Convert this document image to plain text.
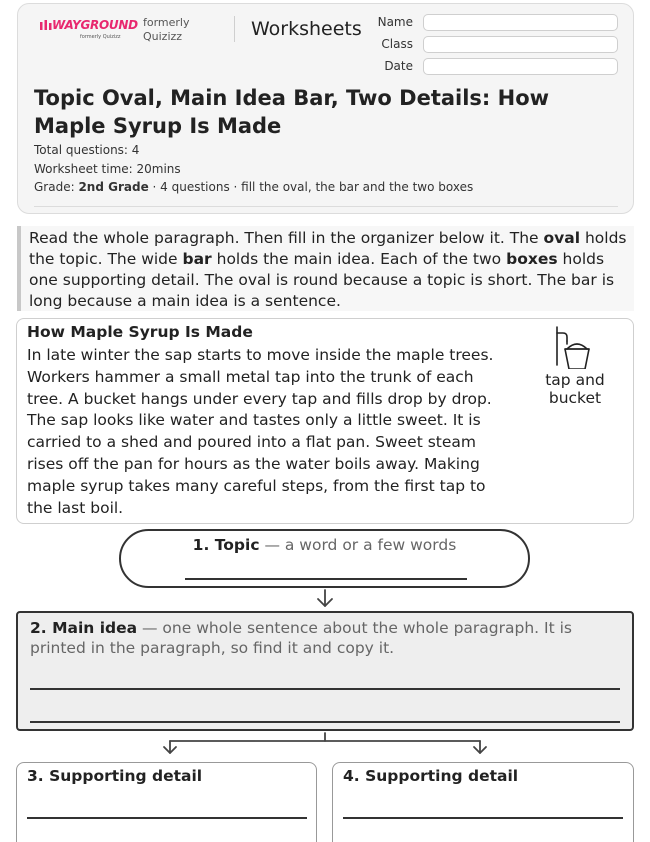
WAYGROUND
formerly Quizizz
formerly
Quizizz	Worksheets	Name
Class
Date
Topic Oval, Main Idea Bar, Two Details: How Maple Syrup Is Made
Total questions: 4
Worksheet time: 20mins
Grade: 2nd Grade · 4 questions · fill the oval, the bar and the two boxes
Read the whole paragraph. Then fill in the organizer below it. The oval holds the topic. The wide bar holds the main idea. Each of the two boxes holds one supporting detail. The oval is round because a topic is short. The bar is long because a main idea is a sentence.
How Maple Syrup Is Made
In late winter the sap starts to move inside the maple trees. Workers hammer a small metal tap into the trunk of each tree. A bucket hangs under every tap and fills drop by drop. The sap looks like water and tastes only a little sweet. It is carried to a shed and poured into a flat pan. Sweet steam rises off the pan for hours as the water boils away. Making maple syrup takes many careful steps, from the first tap to the last boil.
tap and bucket
1. Topic — a word or a few words
2. Main idea — one whole sentence about the whole paragraph. It is printed in the paragraph, so find it and copy it.
3. Supporting detail	4. Supporting detail
